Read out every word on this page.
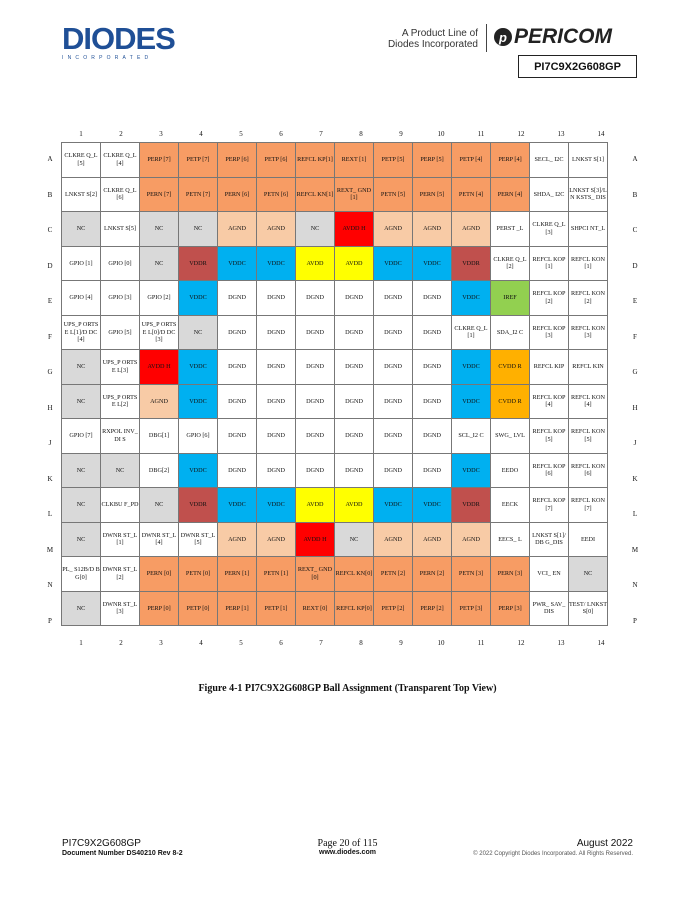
DIODES
INCORPORATED
A Product Line of Diodes Incorporated	p PERICOM
PI7C9X2G608GP
1	2	3	4	5	6	7	8	9	10	11	12	13	14
A	A
B	B
C	C
D	D
E	E
F	F
G	G
H	H
J	J
K	K
L	L
M	M
N	N
P	P
CLKRE Q_L[5]	CLKRE Q_L[4]	PERP [7]	PETP [7]	PERP [6]	PETP [6]	REFCL KP[1]	REXT [1]	PETP [5]	PERP [5]	PETP [4]	PERP [4]	SECL_ I2C	LNKST S[1]
LNKST S[2]	CLKRE Q_L[6]	PERN [7]	PETN [7]	PERN [6]	PETN [6]	REFCL KN[1]	REXT_ GND[1]	PETN [5]	PERN [5]	PETN [4]	PERN [4]	SHDA_ I2C	LNKST S[3]/LN KSTS_ DIS
NC	LNKST S[5]	NC	NC	AGND	AGND	NC	AVDD H	AGND	AGND	AGND	PERST _L	CLKRE Q_L[3]	SHPCI NT_L
GPIO [1]	GPIO [0]	NC	VDDR	VDDC	VDDC	AVDD	AVDD	VDDC	VDDC	VDDR	CLKRE Q_L[2]	REFCL KOP[1]	REFCL KON[1]
GPIO [4]	GPIO [3]	GPIO [2]	VDDC	DGND	DGND	DGND	DGND	DGND	DGND	VDDC	IREF	REFCL KOP[2]	REFCL KON[2]
UPS_P ORTSE L[1]/D DC[4]	GPIO [5]	UPS_P ORTSE L[0]/D DC[3]	NC	DGND	DGND	DGND	DGND	DGND	DGND	CLKRE Q_L[1]	SDA_I2 C	REFCL KOP[3]	REFCL KON[3]
NC	UPS_P ORTSE L[3]	AVDD H	VDDC	DGND	DGND	DGND	DGND	DGND	DGND	VDDC	CVDD R	REFCL KIP	REFCL KIN
NC	UPS_P ORTSE L[2]	AGND	VDDC	DGND	DGND	DGND	DGND	DGND	DGND	VDDC	CVDD R	REFCL KOP[4]	REFCL KON[4]
GPIO [7]	RXPOL INV_DI S	DBG[1]	GPIO [6]	DGND	DGND	DGND	DGND	DGND	DGND	SCL_I2 C	SWG_ LVL	REFCL KOP[5]	REFCL KON[5]
NC	NC	DBG[2]	VDDC	DGND	DGND	DGND	DGND	DGND	DGND	VDDC	EEDO	REFCL KOP[6]	REFCL KON[6]
NC	CLKBU F_PD	NC	VDDR	VDDC	VDDC	AVDD	AVDD	VDDC	VDDC	VDDR	EECK	REFCL KOP[7]	REFCL KON[7]
NC	DWNR ST_L [1]	DWNR ST_L [4]	DWNR ST_L [5]	AGND	AGND	AVDD H	NC	AGND	AGND	AGND	EECS_ L	LNKST S[1]/DB G_DIS	EEDI
PL_ S12B/D BG[0]	DWNR ST_L [2]	PERN [0]	PETN [0]	PERN [1]	PETN [1]	REXT_ GND[0]	REFCL KN[0]	PETN [2]	PERN [2]	PETN [3]	PERN [3]	VCI_ EN	NC
NC	DWNR ST_L [3]	PERP [0]	PETP [0]	PERP [1]	PETP [1]	REXT [0]	REFCL KP[0]	PETP [2]	PERP [2]	PETP [3]	PERP [3]	PWR_ SAV_ DIS	TEST/ LNKST S[0]
1	2	3	4	5	6	7	8	9	10	11	12	13	14
Figure 4-1 PI7C9X2G608GP Ball Assignment (Transparent Top View)
PI7C9X2G608GP
Document Number DS40210 Rev 8-2
Page 20 of 115
www.diodes.com
August 2022
© 2022 Copyright Diodes Incorporated. All Rights Reserved.
